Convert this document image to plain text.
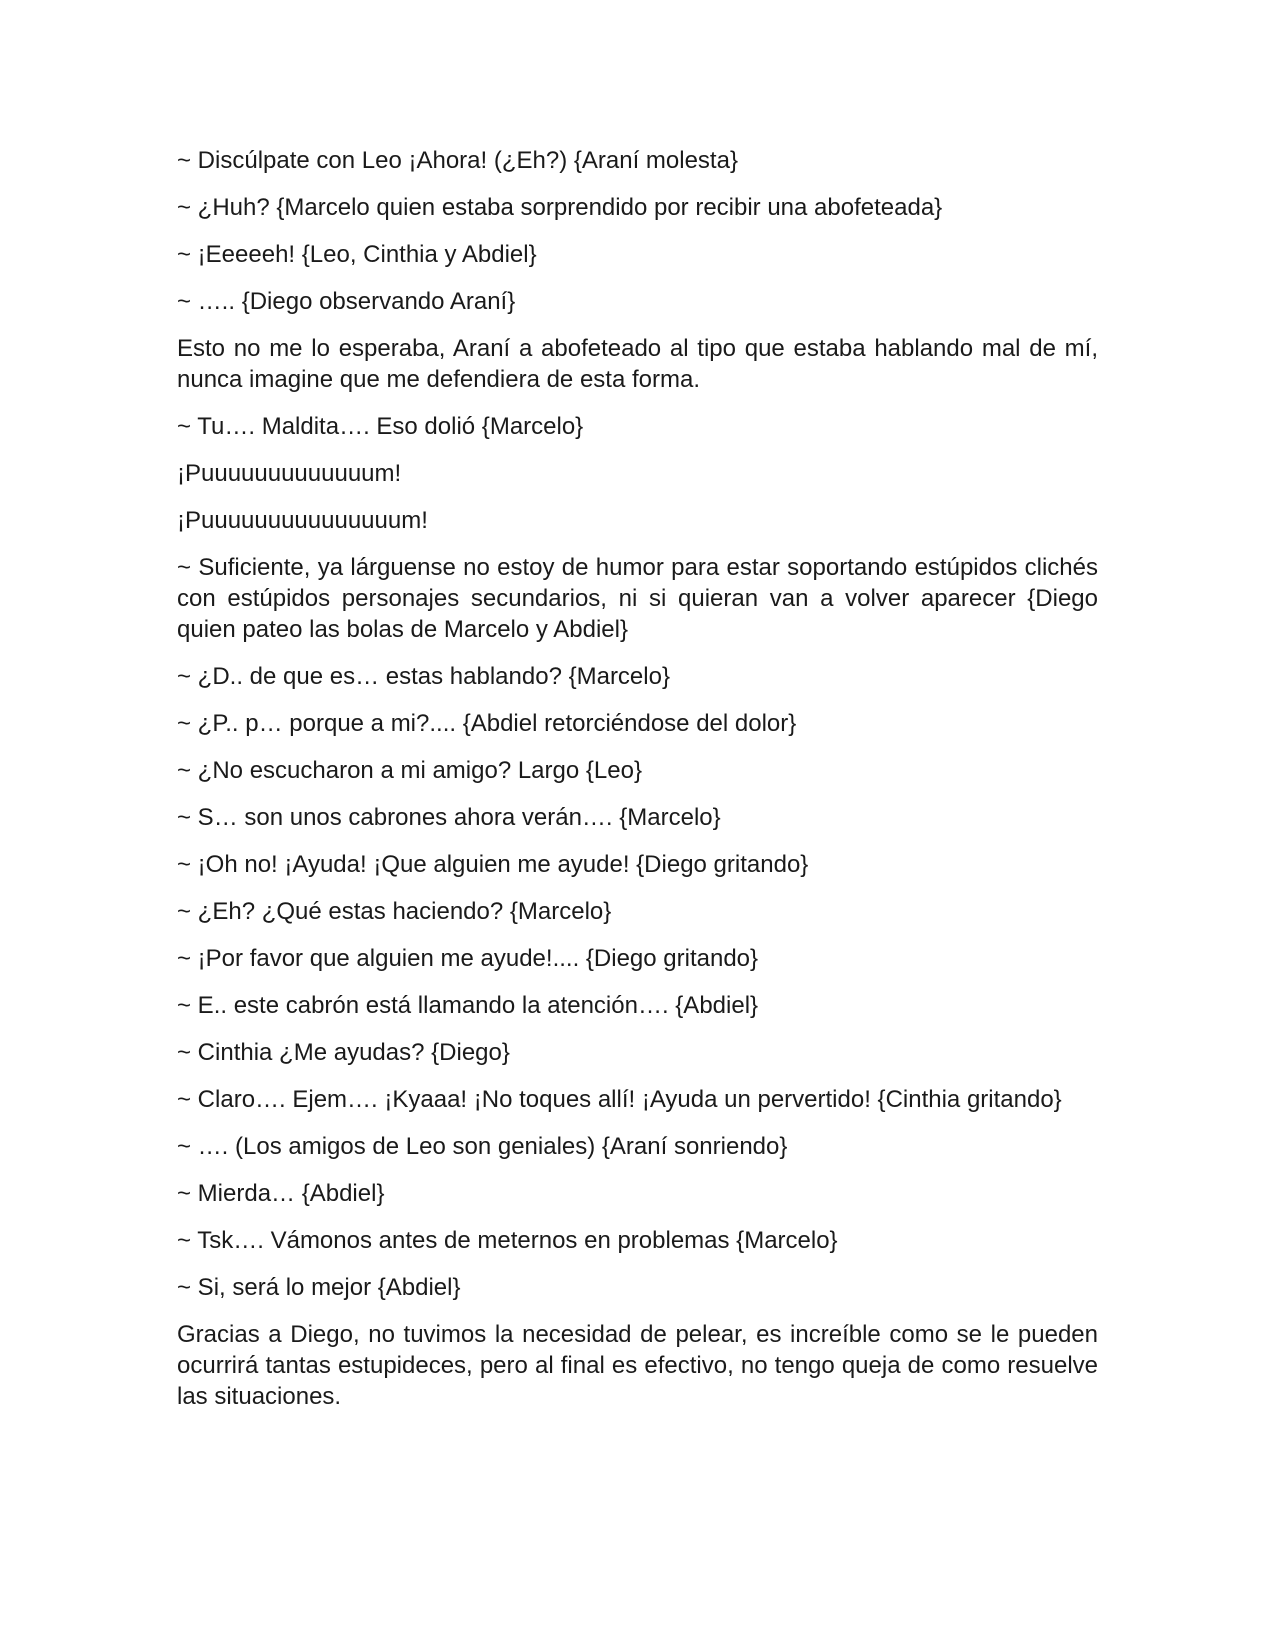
~ Discúlpate con Leo ¡Ahora! (¿Eh?) {Araní molesta}

~ ¿Huh? {Marcelo quien estaba sorprendido por recibir una abofeteada}

~ ¡Eeeeeh! {Leo, Cinthia y Abdiel}

~ ….. {Diego observando Araní}

Esto no me lo esperaba, Araní a abofeteado al tipo que estaba hablando mal de mí, nunca imagine que me defendiera de esta forma.

~ Tu…. Maldita…. Eso dolió {Marcelo}

¡Puuuuuuuuuuuuum!

¡Puuuuuuuuuuuuuuum!

~ Suficiente, ya lárguense no estoy de humor para estar soportando estúpidos clichés con estúpidos personajes secundarios, ni si quieran van a volver aparecer {Diego quien pateo las bolas de Marcelo y Abdiel}

~ ¿D.. de que es… estas hablando? {Marcelo}

~ ¿P.. p… porque a mi?.... {Abdiel retorciéndose del dolor}

~ ¿No escucharon a mi amigo? Largo {Leo}

~ S… son unos cabrones ahora verán…. {Marcelo}

~ ¡Oh no! ¡Ayuda! ¡Que alguien me ayude! {Diego gritando}

~ ¿Eh? ¿Qué estas haciendo? {Marcelo}

~ ¡Por favor que alguien me ayude!.... {Diego gritando}

~ E.. este cabrón está llamando la atención…. {Abdiel}

~ Cinthia ¿Me ayudas? {Diego}

~ Claro…. Ejem…. ¡Kyaaa! ¡No toques allí! ¡Ayuda un pervertido! {Cinthia gritando}

~ …. (Los amigos de Leo son geniales) {Araní sonriendo}

~ Mierda… {Abdiel}

~ Tsk…. Vámonos antes de meternos en problemas {Marcelo}

~ Si, será lo mejor {Abdiel}

Gracias a Diego, no tuvimos la necesidad de pelear, es increíble como se le pueden ocurrirá tantas estupideces, pero al final es efectivo, no tengo queja de como resuelve las situaciones.
